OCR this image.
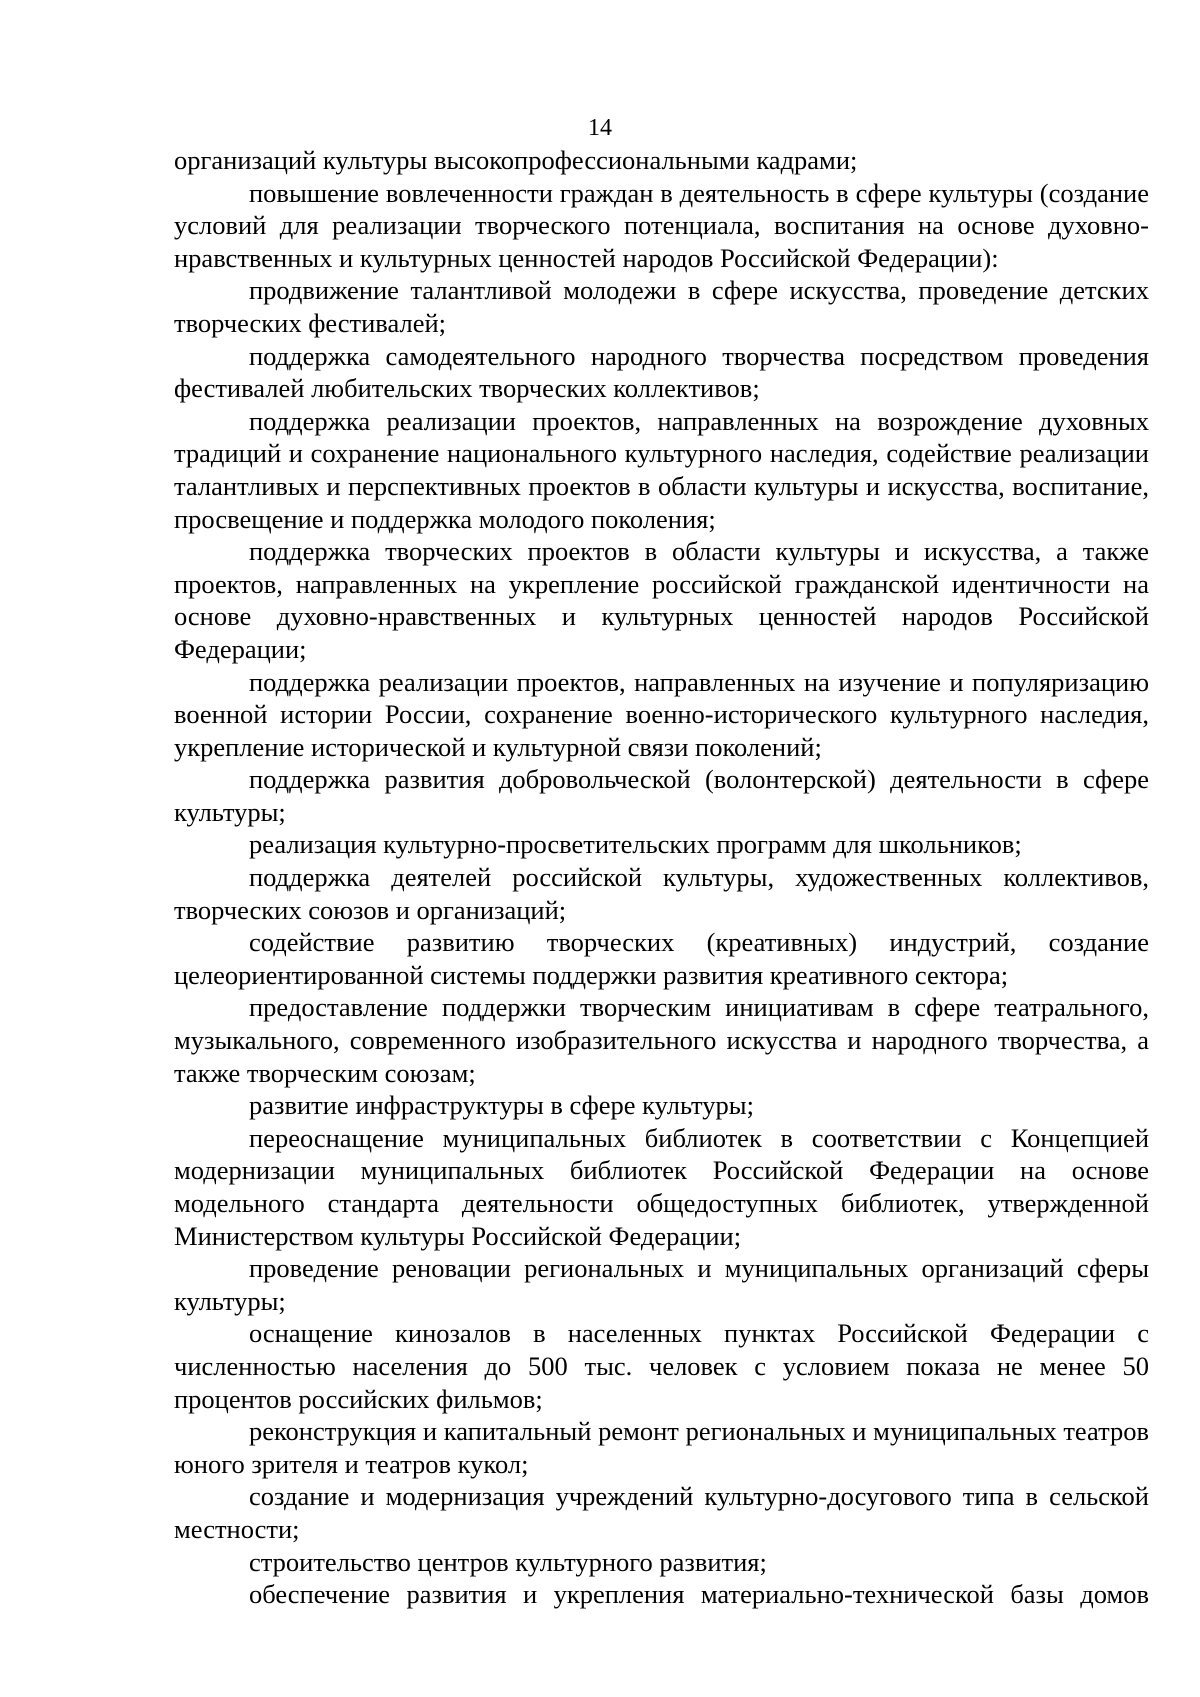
14

организаций культуры высокопрофессиональными кадрами;

повышение вовлеченности граждан в деятельность в сфере культуры (создание условий для реализации творческого потенциала, воспитания на основе духовно-нравственных и культурных ценностей народов Российской Федерации):

продвижение талантливой молодежи в сфере искусства, проведение детских творческих фестивалей;

поддержка самодеятельного народного творчества посредством проведения фестивалей любительских творческих коллективов;

поддержка реализации проектов, направленных на возрождение духовных традиций и сохранение национального культурного наследия, содействие реализации талантливых и перспективных проектов в области культуры и искусства, воспитание, просвещение и поддержка молодого поколения;

поддержка творческих проектов в области культуры и искусства, а также проектов, направленных на укрепление российской гражданской идентичности на основе духовно-нравственных и культурных ценностей народов Российской Федерации;

поддержка реализации проектов, направленных на изучение и популяризацию военной истории России, сохранение военно-исторического культурного наследия, укрепление исторической и культурной связи поколений;

поддержка развития добровольческой (волонтерской) деятельности в сфере культуры;

реализация культурно-просветительских программ для школьников;

поддержка деятелей российской культуры, художественных коллективов, творческих союзов и организаций;

содействие развитию творческих (креативных) индустрий, создание целеориентированной системы поддержки развития креативного сектора;

предоставление поддержки творческим инициативам в сфере театрального, музыкального, современного изобразительного искусства и народного творчества, а также творческим союзам;

развитие инфраструктуры в сфере культуры;

переоснащение муниципальных библиотек в соответствии с Концепцией модернизации муниципальных библиотек Российской Федерации на основе модельного стандарта деятельности общедоступных библиотек, утвержденной Министерством культуры Российской Федерации;

проведение реновации региональных и муниципальных организаций сферы культуры;

оснащение кинозалов в населенных пунктах Российской Федерации с численностью населения до 500 тыс. человек с условием показа не менее 50 процентов российских фильмов;

реконструкция и капитальный ремонт региональных и муниципальных театров юного зрителя и театров кукол;

создание и модернизация учреждений культурно-досугового типа в сельской местности;

строительство центров культурного развития;

обеспечение развития и укрепления материально-технической базы домов
